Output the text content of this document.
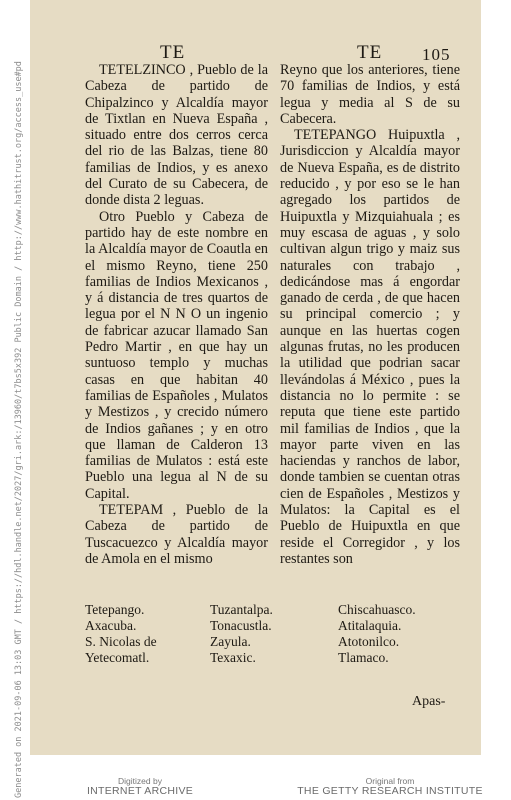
Generated on 2021-09-06 13:03 GMT / https://hdl.handle.net/2027/gri.ark:/13960/t7bs5x392 Public Domain / http://www.hathitrust.org/access_use#pd
TE	TE 105

TETELZINCO , Pueblo de la Cabeza de partido de Chipalzinco y Alcaldía mayor de Tixtlan en Nueva España , situado entre dos cerros cerca del rio de las Balzas, tiene 80 familias de Indios, y es anexo del Curato de su Cabecera, de donde dista 2 leguas.

Otro Pueblo y Cabeza de partido hay de este nombre en la Alcaldía mayor de Coautla en el mismo Reyno, tiene 250 familias de Indios Mexicanos , y á distancia de tres quartos de legua por el N N O un ingenio de fabricar azucar llamado San Pedro Martir , en que hay un suntuoso templo y muchas casas en que habitan 40 familias de Españoles , Mulatos y Mestizos , y crecido número de Indios gañanes ; y en otro que llaman de Calderon 13 familias de Mulatos : está este Pueblo una legua al N de su Capital.

TETEPAM , Pueblo de la Cabeza de partido de Tuscacuezco y Alcaldía mayor de Amola en el mismo

Reyno que los anteriores, tiene 70 familias de Indios, y está legua y media al S de su Cabecera.

TETEPANGO Huipuxtla , Jurisdiccion y Alcaldía mayor de Nueva España, es de distrito reducido , y por eso se le han agregado los partidos de Huipuxtla y Mizquiahuala ; es muy escasa de aguas , y solo cultivan algun trigo y maiz sus naturales con trabajo , dedicándose mas á engordar ganado de cerda , de que hacen su principal comercio ; y aunque en las huertas cogen algunas frutas, no les producen la utilidad que podrian sacar llevándolas á México , pues la distancia no lo permite : se reputa que tiene este partido mil familias de Indios , que la mayor parte viven en las haciendas y ranchos de labor, donde tambien se cuentan otras cien de Españoles , Mestizos y Mulatos: la Capital es el Pueblo de Huipuxtla en que reside el Corregidor , y los restantes son

Tetepango.
Axacuba.
S. Nicolas de Yetecomatl.
Tuzantalpa.
Tonacustla.
Zayula.
Texaxic.
Chiscahuasco.
Atitalaquia.
Atotonilco.
Tlamaco.
Apas-
Digitized by
INTERNET ARCHIVE
Original from
THE GETTY RESEARCH INSTITUTE
